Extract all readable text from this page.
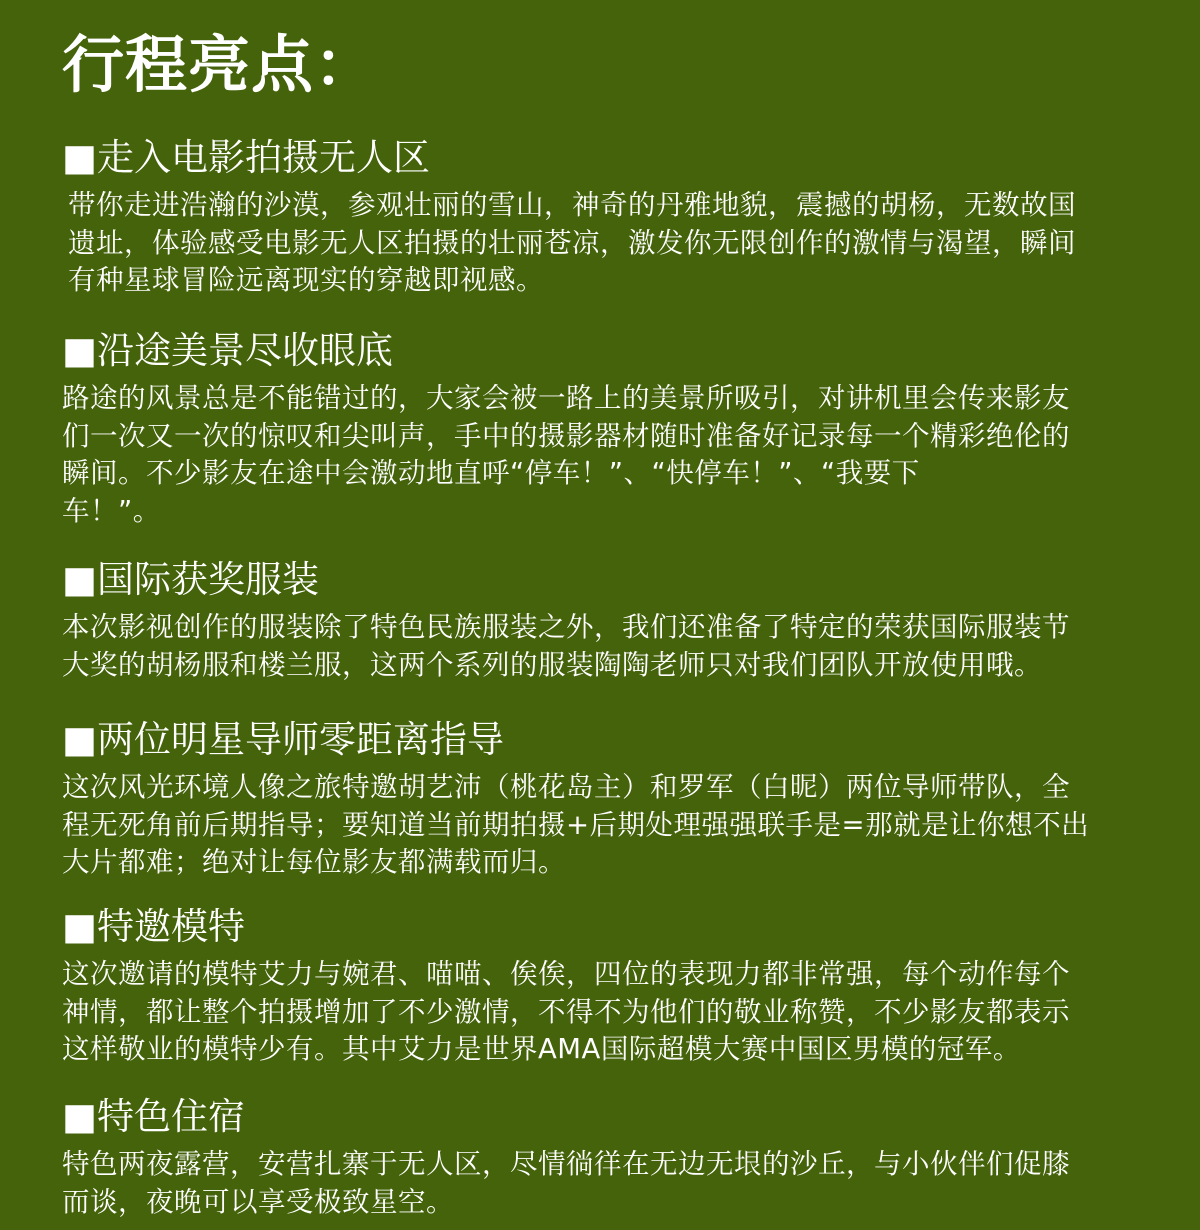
行程亮点：
■走入电影拍摄无人区

带你走进浩瀚的沙漠，参观壮丽的雪山，神奇的丹雅地貌，震撼的胡杨，无数故国
遗址，体验感受电影无人区拍摄的壮丽苍凉，激发你无限创作的激情与渴望，瞬间
有种星球冒险远离现实的穿越即视感。

■沿途美景尽收眼底

路途的风景总是不能错过的，大家会被一路上的美景所吸引，对讲机里会传来影友
们一次又一次的惊叹和尖叫声，手中的摄影器材随时准备好记录每一个精彩绝伦的
瞬间。不少影友在途中会激动地直呼“停车！”、“快停车！”、“我要下
车！”。

■国际获奖服装

本次影视创作的服装除了特色民族服装之外，我们还准备了特定的荣获国际服装节
大奖的胡杨服和楼兰服，这两个系列的服装陶陶老师只对我们团队开放使用哦。

■两位明星导师零距离指导

这次风光环境人像之旅特邀胡艺沛（桃花岛主）和罗军（白昵）两位导师带队，全
程无死角前后期指导；要知道当前期拍摄+后期处理强强联手是=那就是让你想不出
大片都难；绝对让每位影友都满载而归。

■特邀模特

这次邀请的模特艾力与婉君、喵喵、俟俟，四位的表现力都非常强，每个动作每个
神情，都让整个拍摄增加了不少激情，不得不为他们的敬业称赞，不少影友都表示
这样敬业的模特少有。其中艾力是世界AMA国际超模大赛中国区男模的冠军。

■特色住宿

特色两夜露营，安营扎寨于无人区，尽情徜徉在无边无垠的沙丘，与小伙伴们促膝
而谈，夜晚可以享受极致星空。
